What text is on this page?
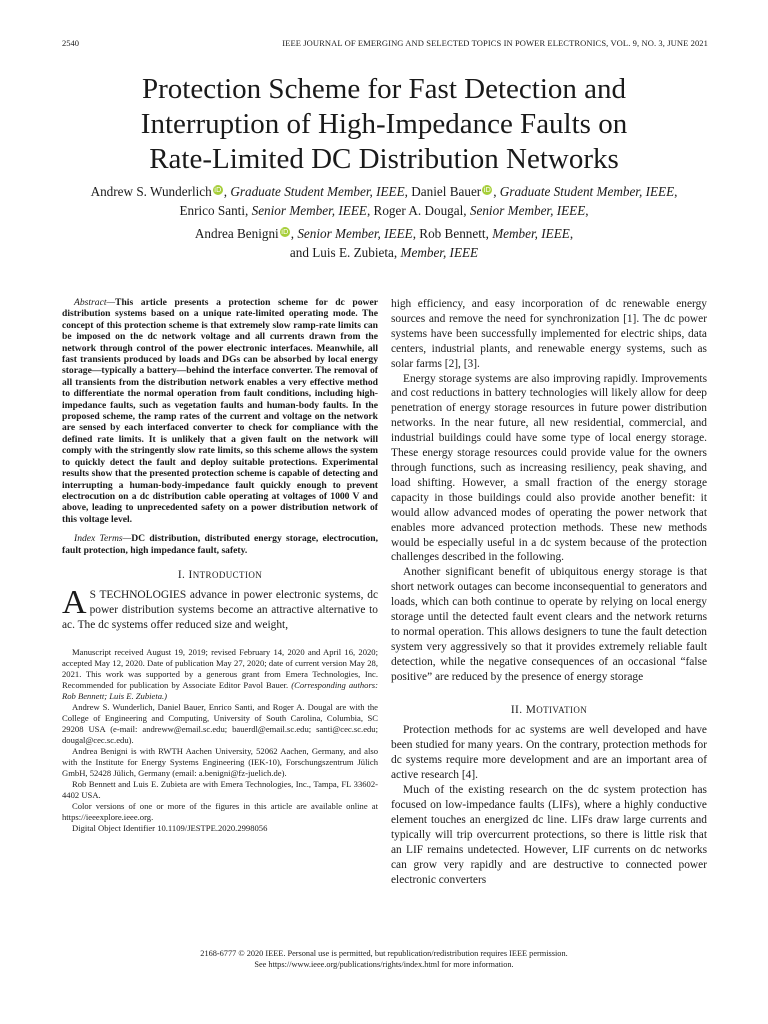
2540	IEEE JOURNAL OF EMERGING AND SELECTED TOPICS IN POWER ELECTRONICS, VOL. 9, NO. 3, JUNE 2021
Protection Scheme for Fast Detection and
Interruption of High-Impedance Faults on
Rate-Limited DC Distribution Networks
Andrew S. Wunderlich iD , Graduate Student Member, IEEE, Daniel Bauer iD , Graduate Student Member, IEEE,
Enrico Santi, Senior Member, IEEE, Roger A. Dougal, Senior Member, IEEE,
Andrea Benigni iD , Senior Member, IEEE, Rob Bennett, Member, IEEE,
and Luis E. Zubieta, Member, IEEE

Abstract—This article presents a protection scheme for dc power distribution systems based on a unique rate-limited operating mode. The concept of this protection scheme is that extremely slow ramp-rate limits can be imposed on the dc network voltage and all currents drawn from the network through control of the power electronic interfaces. Meanwhile, all fast transients produced by loads and DGs can be absorbed by local energy storage—typically a battery—behind the interface converter. The removal of all transients from the distribution network enables a very effective method to differentiate the normal operation from fault conditions, including high-impedance faults, such as vegetation faults and human-body faults. In the proposed scheme, the ramp rates of the current and voltage on the network are sensed by each interfaced converter to check for compliance with the defined rate limits. It is unlikely that a given fault on the network will comply with the stringently slow rate limits, so this scheme allows the system to quickly detect the fault and deploy suitable protections. Experimental results show that the presented protection scheme is capable of detecting and interrupting a human-body-impedance fault quickly enough to prevent electrocution on a dc distribution cable operating at voltages of 1000 V and above, leading to unprecedented safety on a power distribution network of this voltage level.

Index Terms—DC distribution, distributed energy storage, electrocution, fault protection, high impedance fault, safety.

I. INTRODUCTION

A S TECHNOLOGIES advance in power electronic systems, dc power distribution systems become an attractive alternative to ac. The dc systems offer reduced size and weight,

Manuscript received August 19, 2019; revised February 14, 2020 and April 16, 2020; accepted May 12, 2020. Date of publication May 27, 2020; date of current version May 28, 2021. This work was supported by a generous grant from Emera Technologies, Inc. Recommended for publication by Associate Editor Pavol Bauer. (Corresponding authors: Rob Bennett; Luis E. Zubieta.)

Andrew S. Wunderlich, Daniel Bauer, Enrico Santi, and Roger A. Dougal are with the College of Engineering and Computing, University of South Carolina, Columbia, SC 29208 USA (e-mail: andreww@email.sc.edu; bauerdl@email.sc.edu; santi@cec.sc.edu; dougal@cec.sc.edu).

Andrea Benigni is with RWTH Aachen University, 52062 Aachen, Germany, and also with the Institute for Energy Systems Engineering (IEK-10), Forschungszentrum Jülich GmbH, 52428 Jülich, Germany (email: a.benigni@fz-juelich.de).

Rob Bennett and Luis E. Zubieta are with Emera Technologies, Inc., Tampa, FL 33602-4402 USA.

Color versions of one or more of the figures in this article are available online at https://ieeexplore.ieee.org.

Digital Object Identifier 10.1109/JESTPE.2020.2998056

high efficiency, and easy incorporation of dc renewable energy sources and remove the need for synchronization [1]. The dc power systems have been successfully implemented for electric ships, data centers, industrial plants, and renewable energy systems, such as solar farms [2], [3].

Energy storage systems are also improving rapidly. Improvements and cost reductions in battery technologies will likely allow for deep penetration of energy storage resources in future power distribution networks. In the near future, all new residential, commercial, and industrial buildings could have some type of local energy storage. These energy storage resources could provide value for the owners through functions, such as increasing resiliency, peak shaving, and load shifting. However, a small fraction of the energy storage capacity in those buildings could also provide another benefit: it would allow advanced modes of operating the power network that enables more advanced protection methods. These new methods would be especially useful in a dc system because of the protection challenges described in the following.

Another significant benefit of ubiquitous energy storage is that short network outages can become inconsequential to generators and loads, which can both continue to operate by relying on local energy storage until the detected fault event clears and the network returns to normal operation. This allows designers to tune the fault detection system very aggressively so that it provides extremely reliable fault detection, while the negative consequences of an occasional “false positive” are reduced by the presence of energy storage

II. MOTIVATION

Protection methods for ac systems are well developed and have been studied for many years. On the contrary, protection methods for dc systems require more development and are an important area of active research [4].

Much of the existing research on the dc system protection has focused on low-impedance faults (LIFs), where a highly conductive element touches an energized dc line. LIFs draw large currents and typically will trip overcurrent protections, so there is little risk that an LIF remains undetected. However, LIF currents on dc networks can grow very rapidly and are destructive to connected power electronic converters

2168-6777 © 2020 IEEE. Personal use is permitted, but republication/redistribution requires IEEE permission.
See https://www.ieee.org/publications/rights/index.html for more information.
